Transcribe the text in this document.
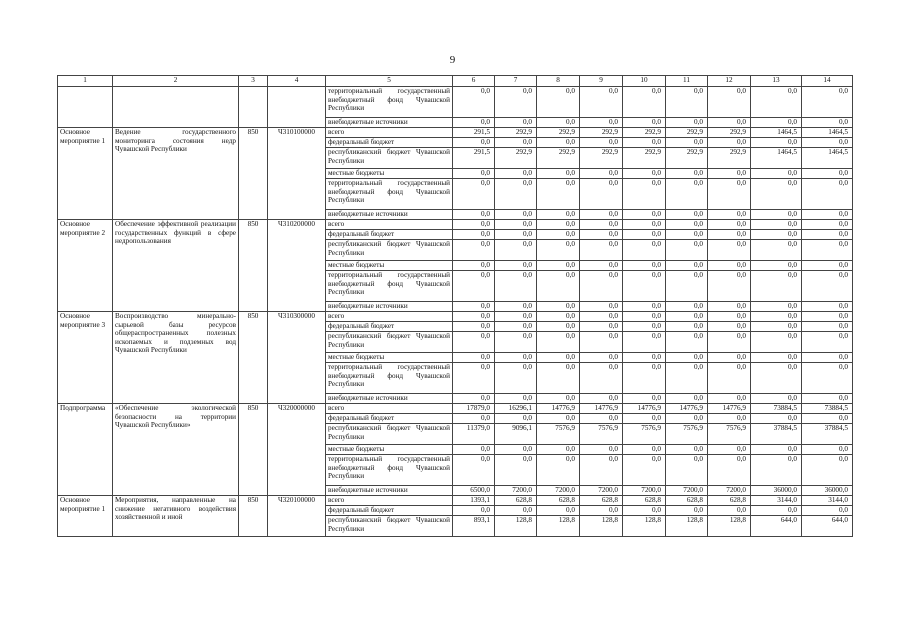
9
1	2	3	4	5	6	7	8	9	10	11	12	13	14
				территориальный государственный внебюджетный фонд Чувашской Республики	0,0	0,0	0,0	0,0	0,0	0,0	0,0	0,0	0,0
				внебюджетные источники	0,0	0,0	0,0	0,0	0,0	0,0	0,0	0,0	0,0
Основное мероприятие 1	Ведение государственного мониторинга состояния недр Чувашской Республики	850	Ч310100000	всего	291,5	292,9	292,9	292,9	292,9	292,9	292,9	1464,5	1464,5
				федеральный бюджет	0,0	0,0	0,0	0,0	0,0	0,0	0,0	0,0	0,0
				республиканский бюджет Чувашской Республики	291,5	292,9	292,9	292,9	292,9	292,9	292,9	1464,5	1464,5
				местные бюджеты	0,0	0,0	0,0	0,0	0,0	0,0	0,0	0,0	0,0
				территориальный государственный внебюджетный фонд Чувашской Республики	0,0	0,0	0,0	0,0	0,0	0,0	0,0	0,0	0,0
				внебюджетные источники	0,0	0,0	0,0	0,0	0,0	0,0	0,0	0,0	0,0
Основное мероприятие 2	Обеспечение эффективной реализации государственных функций в сфере недропользования	850	Ч310200000	всего	0,0	0,0	0,0	0,0	0,0	0,0	0,0	0,0	0,0
				федеральный бюджет	0,0	0,0	0,0	0,0	0,0	0,0	0,0	0,0	0,0
				республиканский бюджет Чувашской Республики	0,0	0,0	0,0	0,0	0,0	0,0	0,0	0,0	0,0
				местные бюджеты	0,0	0,0	0,0	0,0	0,0	0,0	0,0	0,0	0,0
				территориальный государственный внебюджетный фонд Чувашской Республики	0,0	0,0	0,0	0,0	0,0	0,0	0,0	0,0	0,0
				внебюджетные источники	0,0	0,0	0,0	0,0	0,0	0,0	0,0	0,0	0,0
Основное мероприятие 3	Воспроизводство минерально-сырьевой базы ресурсов общераспространенных полезных ископаемых и подземных вод Чувашской Республики	850	Ч310300000	всего	0,0	0,0	0,0	0,0	0,0	0,0	0,0	0,0	0,0
				федеральный бюджет	0,0	0,0	0,0	0,0	0,0	0,0	0,0	0,0	0,0
				республиканский бюджет Чувашской Республики	0,0	0,0	0,0	0,0	0,0	0,0	0,0	0,0	0,0
				местные бюджеты	0,0	0,0	0,0	0,0	0,0	0,0	0,0	0,0	0,0
				территориальный государственный внебюджетный фонд Чувашской Республики	0,0	0,0	0,0	0,0	0,0	0,0	0,0	0,0	0,0
				внебюджетные источники	0,0	0,0	0,0	0,0	0,0	0,0	0,0	0,0	0,0
Подпрограмма	«Обеспечение экологической безопасности на территории Чувашской Республики»	850	Ч320000000	всего	17879,0	16296,1	14776,9	14776,9	14776,9	14776,9	14776,9	73884,5	73884,5
				федеральный бюджет	0,0	0,0	0,0	0,0	0,0	0,0	0,0	0,0	0,0
				республиканский бюджет Чувашской Республики	11379,0	9096,1	7576,9	7576,9	7576,9	7576,9	7576,9	37884,5	37884,5
				местные бюджеты	0,0	0,0	0,0	0,0	0,0	0,0	0,0	0,0	0,0
				территориальный государственный внебюджетный фонд Чувашской Республики	0,0	0,0	0,0	0,0	0,0	0,0	0,0	0,0	0,0
				внебюджетные источники	6500,0	7200,0	7200,0	7200,0	7200,0	7200,0	7200,0	36000,0	36000,0
Основное мероприятие 1	Мероприятия, направленные на снижение негативного воздействия хозяйственной и иной	850	Ч320100000	всего	1393,1	628,8	628,8	628,8	628,8	628,8	628,8	3144,0	3144,0
				федеральный бюджет	0,0	0,0	0,0	0,0	0,0	0,0	0,0	0,0	0,0
				республиканский бюджет Чувашской Республики	893,1	128,8	128,8	128,8	128,8	128,8	128,8	644,0	644,0
